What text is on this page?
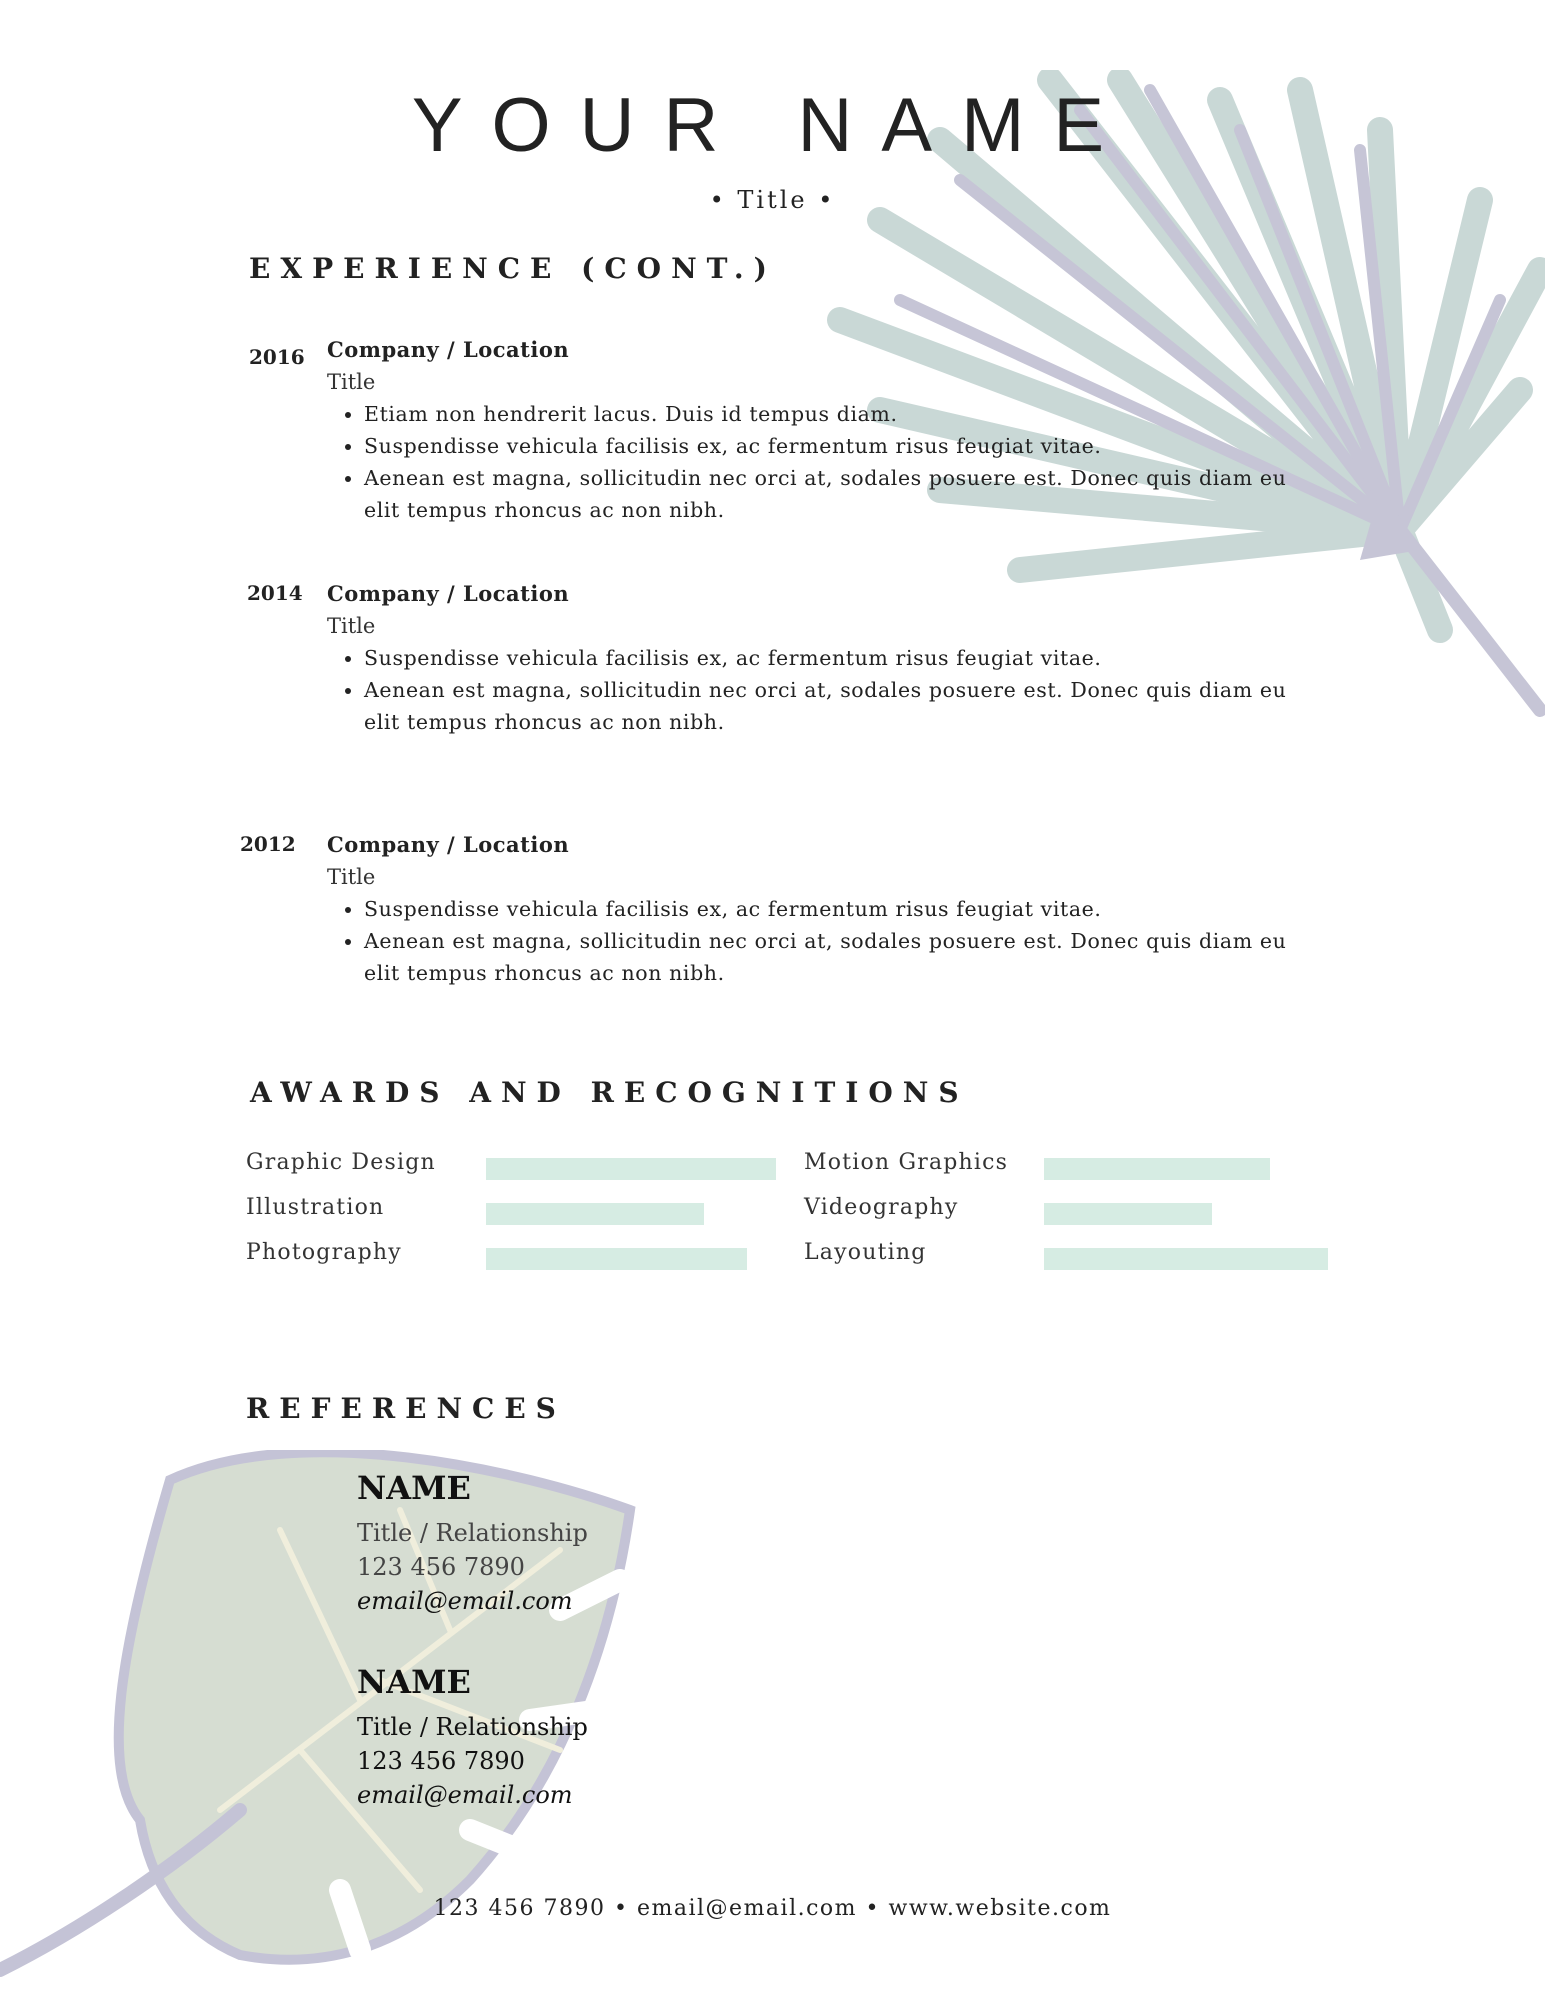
YOUR NAME
• Title •
EXPERIENCE (CONT.)
2016 Company / Location
Title
• Etiam non hendrerit lacus. Duis id tempus diam.
• Suspendisse vehicula facilisis ex, ac fermentum risus feugiat vitae.
• Aenean est magna, sollicitudin nec orci at, sodales posuere est. Donec quis diam eu elit tempus rhoncus ac non nibh.
2014 Company / Location
Title
• Suspendisse vehicula facilisis ex, ac fermentum risus feugiat vitae.
• Aenean est magna, sollicitudin nec orci at, sodales posuere est. Donec quis diam eu elit tempus rhoncus ac non nibh.
2012 Company / Location
Title
• Suspendisse vehicula facilisis ex, ac fermentum risus feugiat vitae.
• Aenean est magna, sollicitudin nec orci at, sodales posuere est. Donec quis diam eu elit tempus rhoncus ac non nibh.
AWARDS AND RECOGNITIONS
Graphic Design
Illustration
Photography
Motion Graphics
Videography
Layouting
REFERENCES
NAME
Title / Relationship
123 456 7890
email@email.com
NAME
Title / Relationship
123 456 7890
email@email.com
123 456 7890 • email@email.com • www.website.com
